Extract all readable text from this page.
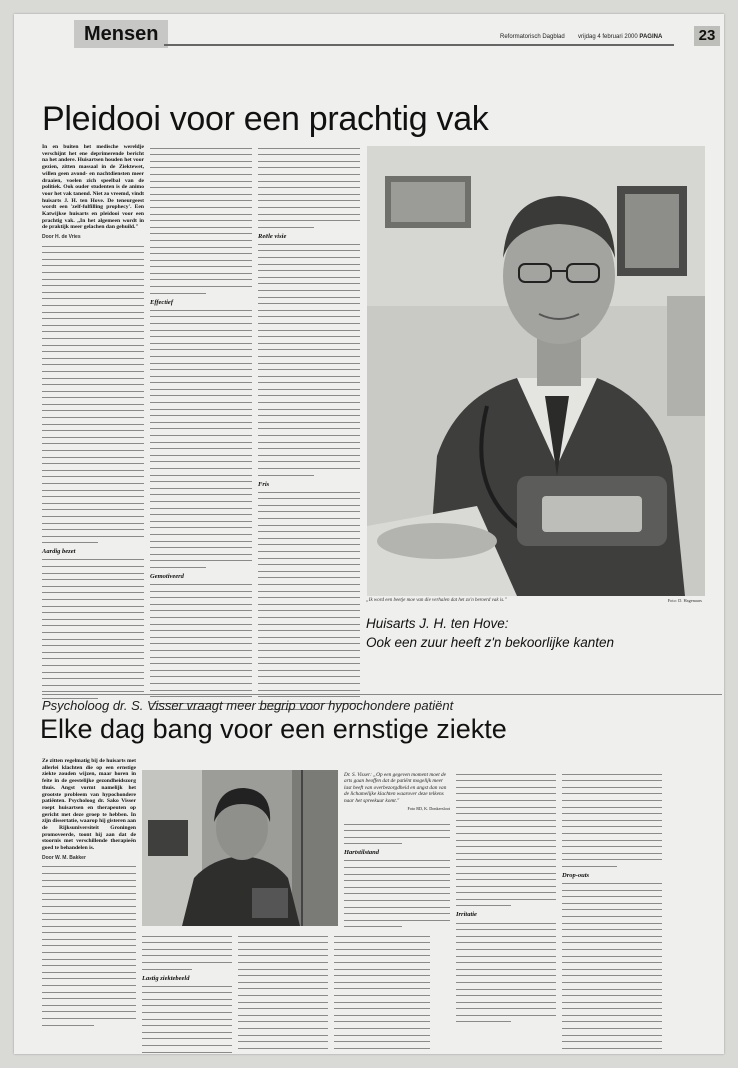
Mensen	Reformatorisch Dagblad vrijdag 4 februari 2000 PAGINA	23
Pleidooi voor een prachtig vak

In en buiten het medische wereldje verschijnt het ene deprimerende bericht na het andere. Huisartsen houden het voor gezien, zitten massaal in de Ziektewet, willen geen avond- en nachtdiensten meer draaien, voelen zich speelbal van de politiek. Ook ouder studenten is de animo voor het vak tanend. Niet zo vreemd, vindt huisarts J. H. ten Hove. De teneurgeest wordt een 'zelf-fulfilling prophecy'. Een Katwijkse huisarts en pleidooi voor een prachtig vak. ,,In het algemeen wordt in de praktijk meer gelachen dan gehuild."

Door H. de Vries

Aardig bezet

Effectief

Gemotiveerd

Reële visie

Fris

„Ik word een beetje moe van die verhalen dat het zo'n beroerd vak is."	Foto: D. Hagenaars
Huisarts J. H. ten Hove:
Ook een zuur heeft z'n bekoorlijke kanten
Psycholoog dr. S. Visser vraagt meer begrip voor hypochondere patiënt
Elke dag bang voor een ernstige ziekte

Ze zitten regelmatig bij de huisarts met allerlei klachten die op een ernstige ziekte zouden wijzen, maar horen in feite in de geestelijke gezondheidszorg thuis. Angst vormt namelijk het grootste probleem van hypochondere patiënten. Psycholoog dr. Sako Visser roept huisartsen en therapeuten op gericht met deze groep te hebben. In zijn dissertatie, waarop hij gisteren aan de Rijksuniversiteit Groningen promoveerde, toont hij aan dat de stoornis met verschillende therapieën goed te behandelen is.

Door W. M. Bakker

Dr. S. Visser: „Op een gegeven moment moet de arts gaan beoffen dat de patiënt mogelijk meer last heeft van overbezorgdheid en angst dan van de lichamelijke klachten waarover deze telkens naar het spreekuur komt."
Foto RD, K. Donkersloot

Lastig ziektebeeld

Hartstilstand

Irritatie

Drop-outs
